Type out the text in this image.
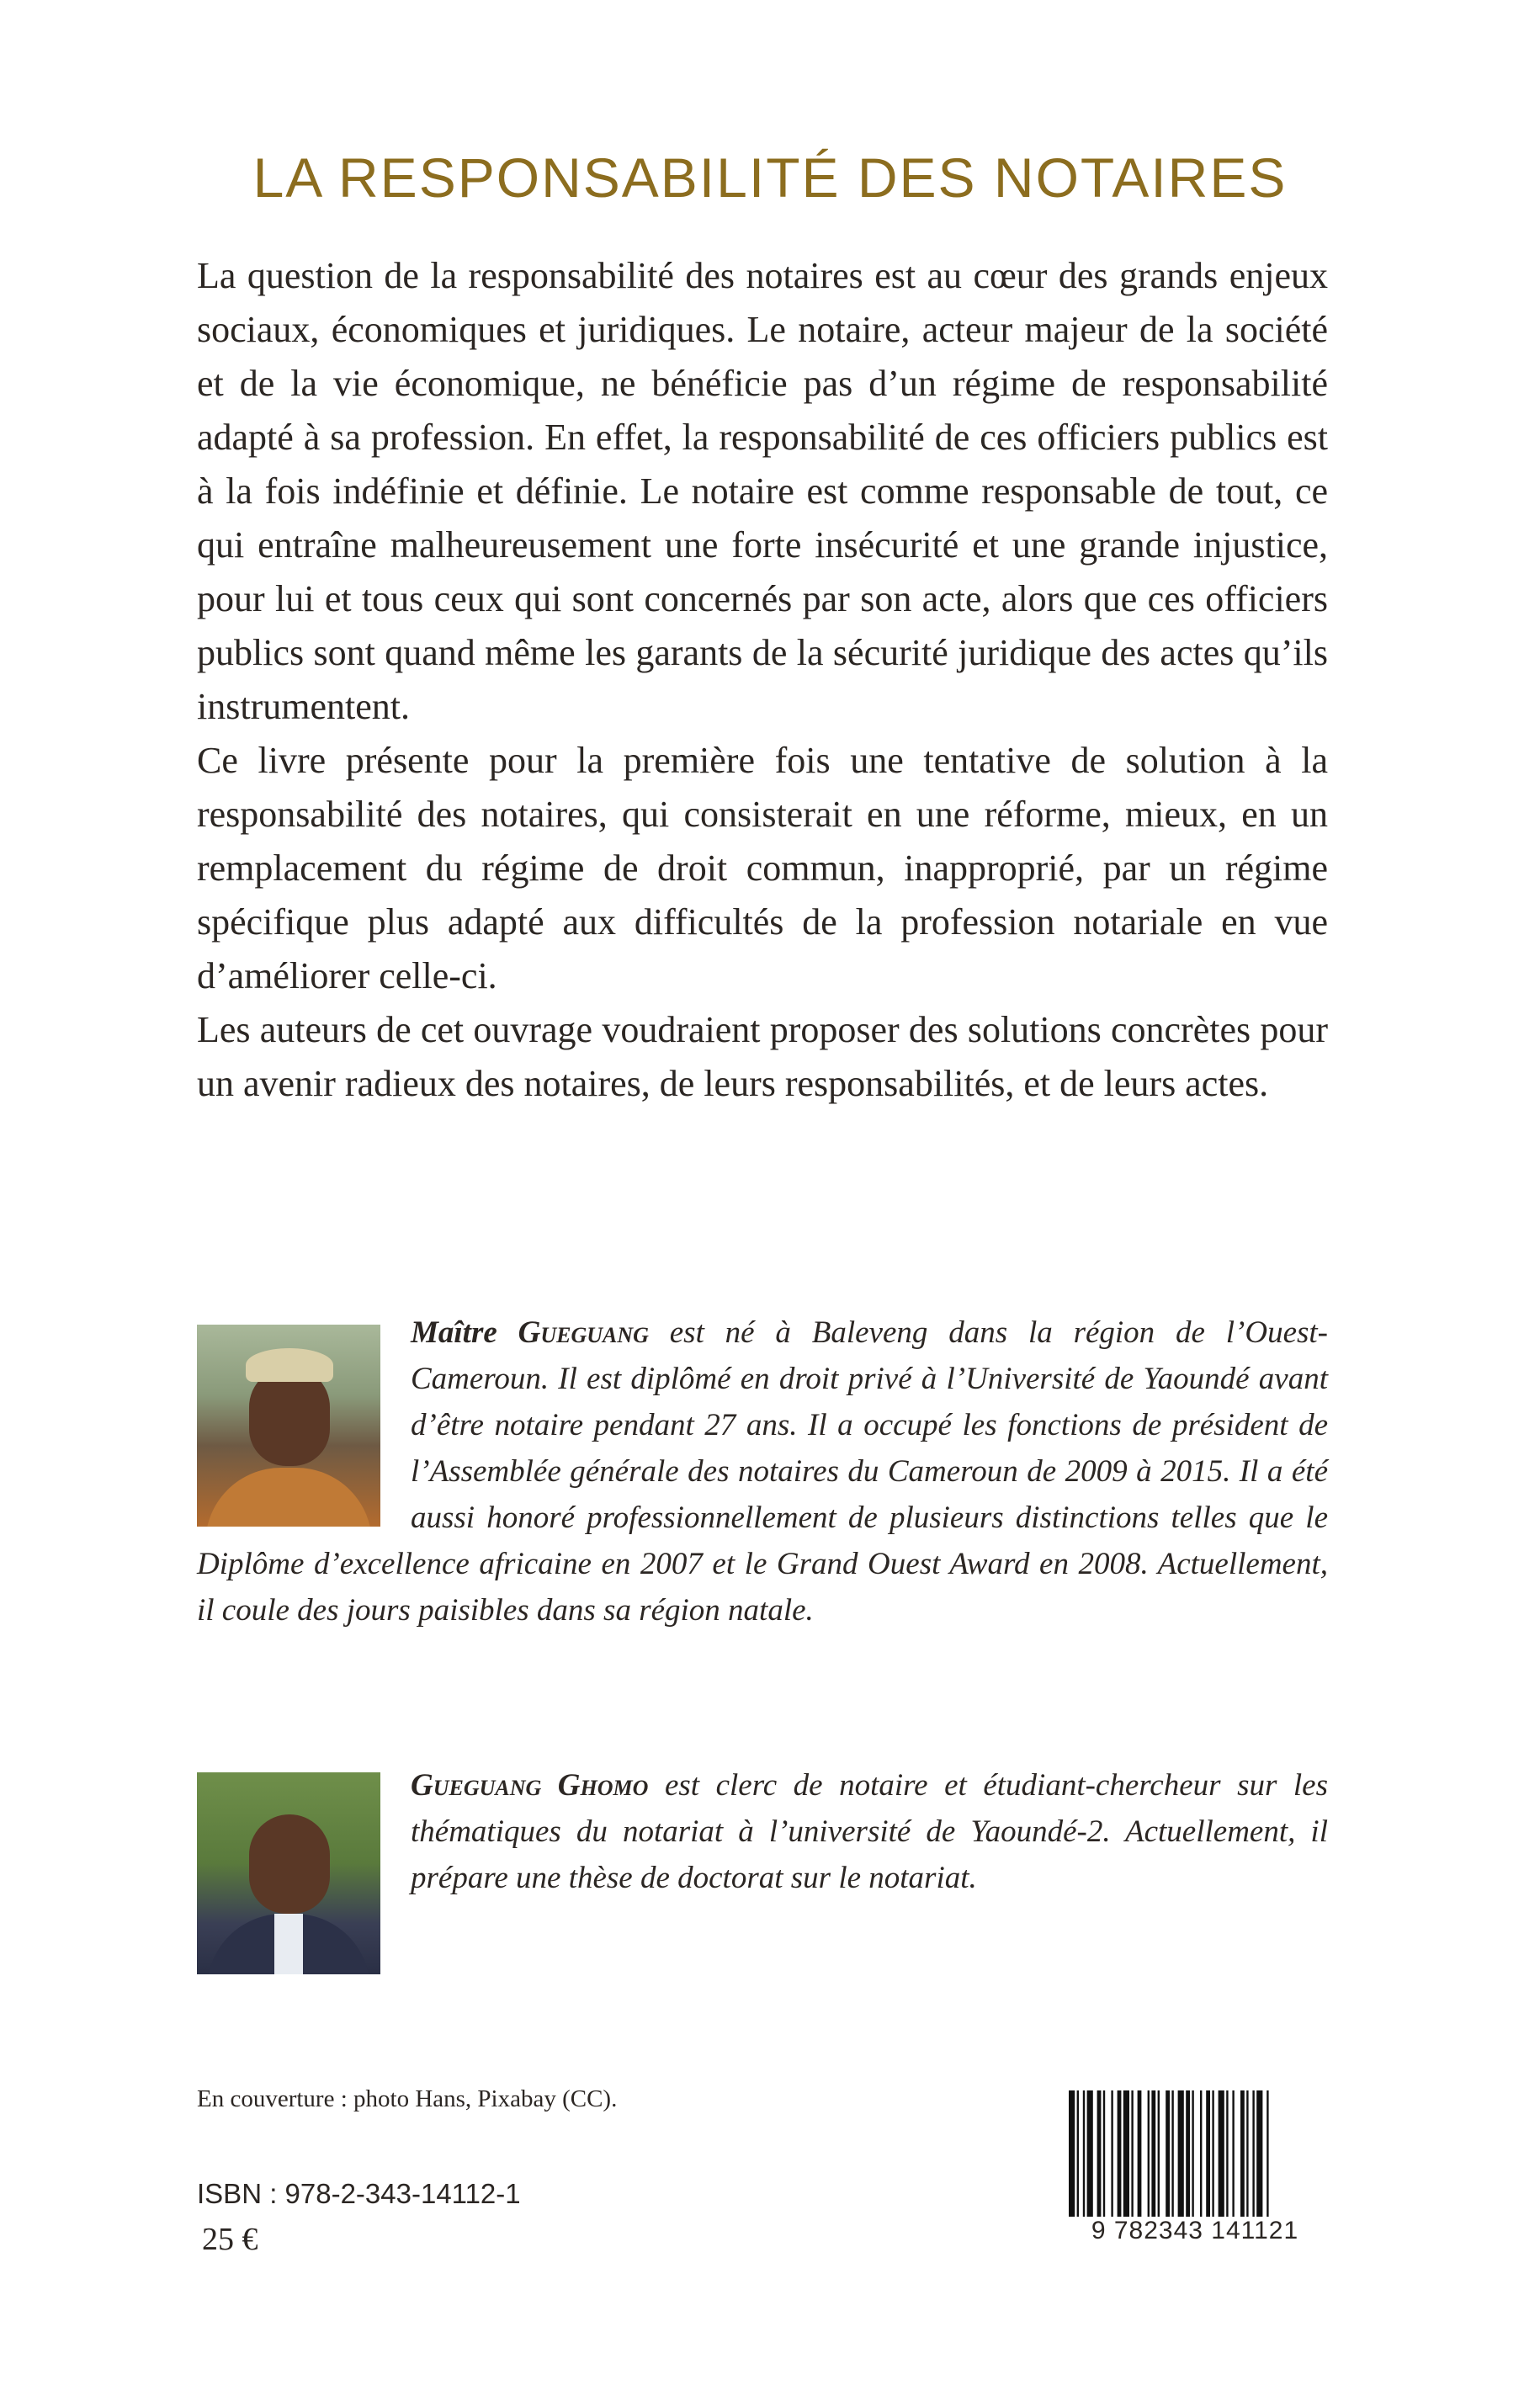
LA RESPONSABILITÉ DES NOTAIRES

La question de la responsabilité des notaires est au cœur des grands enjeux sociaux, économiques et juridiques. Le notaire, acteur majeur de la société et de la vie économique, ne bénéficie pas d’un régime de responsabilité adapté à sa profession. En effet, la responsabilité de ces officiers publics est à la fois indéfinie et définie. Le notaire est comme responsable de tout, ce qui entraîne malheureusement une forte insécurité et une grande injustice, pour lui et tous ceux qui sont concernés par son acte, alors que ces officiers publics sont quand même les garants de la sécurité juridique des actes qu’ils instrumentent.

Ce livre présente pour la première fois une tentative de solution à la responsabilité des notaires, qui consisterait en une réforme, mieux, en un remplacement du régime de droit commun, inapproprié, par un régime spécifique plus adapté aux difficultés de la profession notariale en vue d’améliorer celle-ci.

Les auteurs de cet ouvrage voudraient proposer des solutions concrètes pour un avenir radieux des notaires, de leurs responsabilités, et de leurs actes.

Maître Gueguang est né à Baleveng dans la région de l’Ouest-Cameroun. Il est diplômé en droit privé à l’Université de Yaoundé avant d’être notaire pendant 27 ans. Il a occupé les fonctions de président de l’Assemblée générale des notaires du Cameroun de 2009 à 2015. Il a été aussi honoré professionnellement de plusieurs distinctions telles que le Diplôme d’excellence africaine en 2007 et le Grand Ouest Award en 2008. Actuellement, il coule des jours paisibles dans sa région natale.

Gueguang Ghomo est clerc de notaire et étudiant-chercheur sur les thématiques du notariat à l’université de Yaoundé-2. Actuellement, il prépare une thèse de doctorat sur le notariat.

En couverture : photo Hans, Pixabay (CC).
ISBN : 978-2-343-14112-1
25 €	9 782343 141121
